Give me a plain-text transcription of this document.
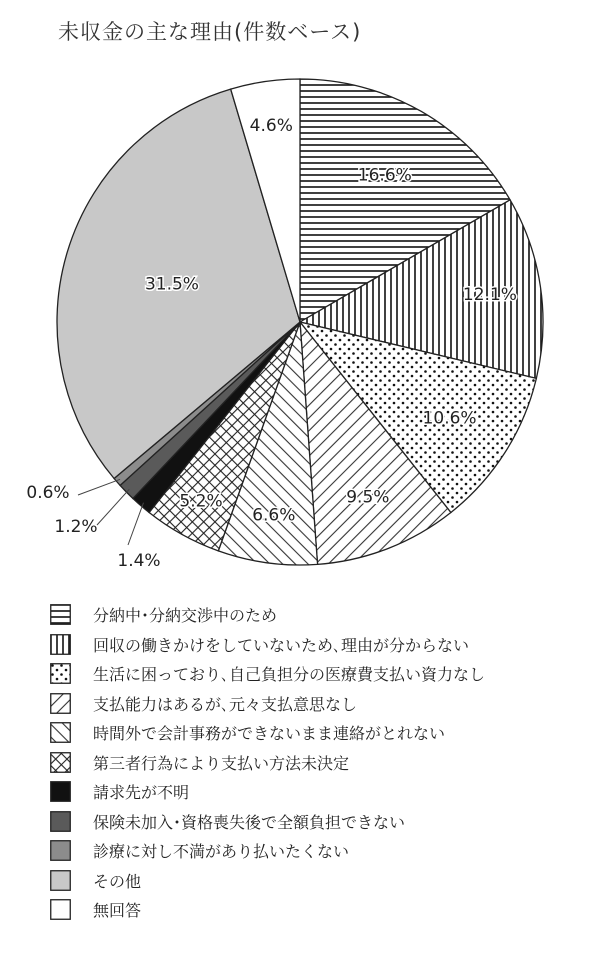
未収金の主な理由(件数ベース)
16.6%
12.1%
10.6%
9.5%
6.6%
5.2%
1.4%
1.2%
0.6%
31.5%
4.6%
分納中･分納交渉中のため
回収の働きかけをしていないため､理由が分からない
生活に困っており､自己負担分の医療費支払い資力なし
支払能力はあるが､元々支払意思なし
時間外で会計事務ができないまま連絡がとれない
第三者行為により支払い方法未決定
請求先が不明
保険未加入･資格喪失後で全額負担できない
診療に対し不満があり払いたくない
その他
無回答
